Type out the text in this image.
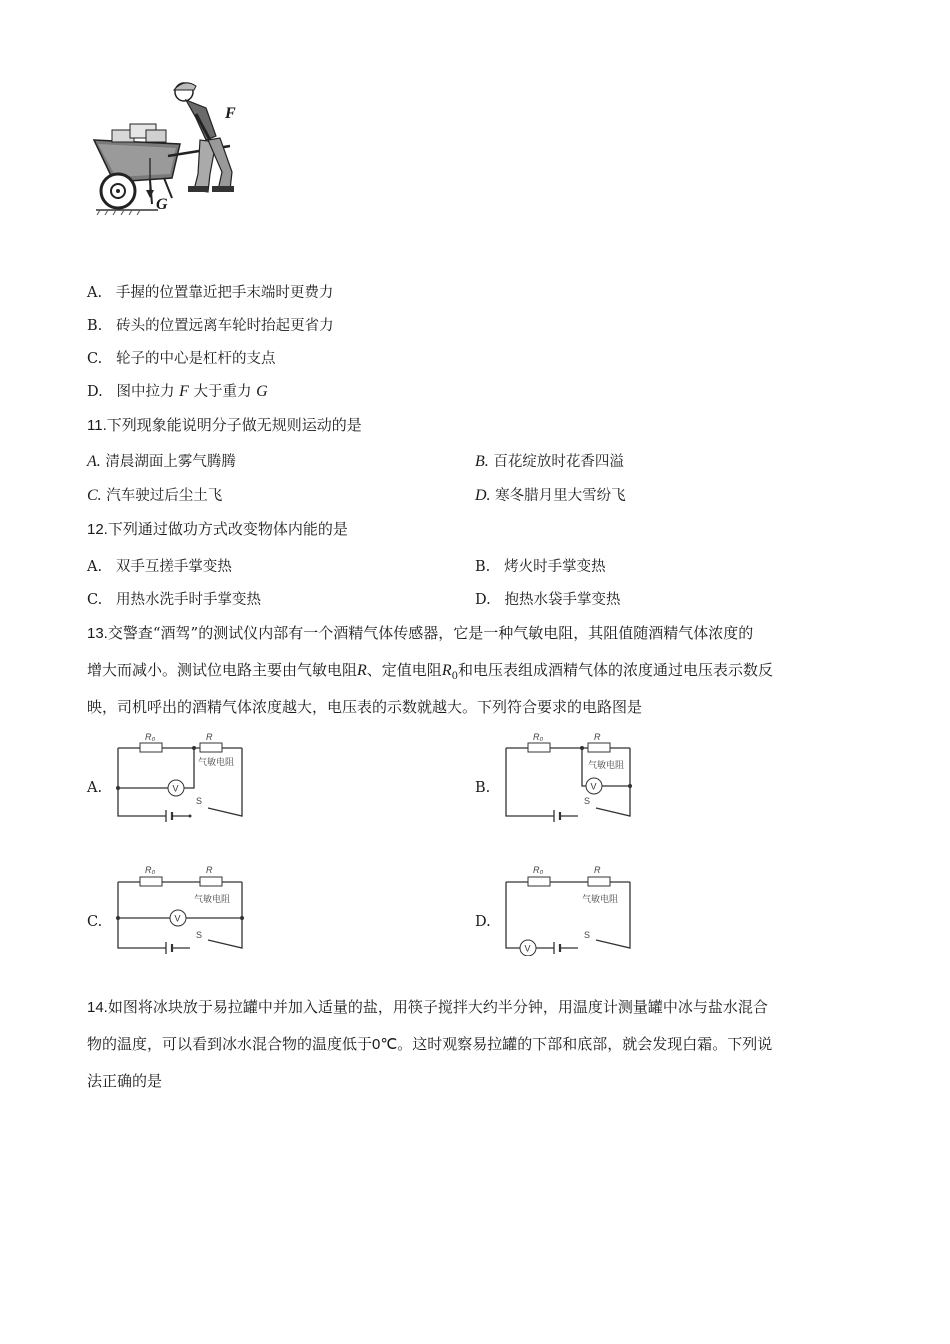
F
G
A. 手握的位置靠近把手末端时更费力
B. 砖头的位置远离车轮时抬起更省力
C. 轮子的中心是杠杆的支点
D. 图中拉力 F 大于重力 G
11.下列现象能说明分子做无规则运动的是
A. 清晨湖面上雾气腾腾	B. 百花绽放时花香四溢
C. 汽车驶过后尘土飞	D. 寒冬腊月里大雪纷飞
12.下列通过做功方式改变物体内能的是
A. 双手互搓手掌变热	B. 烤火时手掌变热
C. 用热水洗手时手掌变热	D. 抱热水袋手掌变热
13.交警查“酒驾”的测试仪内部有一个酒精气体传感器，它是一种气敏电阻，其阻值随酒精气体浓度的
增大而减小。测试位电路主要由气敏电阻R、定值电阻$R_0$和电压表组成酒精气体的浓度通过电压表示数反
映，司机呼出的酒精气体浓度越大，电压表的示数就越大。下列符合要求的电路图是
A.	B.
C.	D.
R₀	R
气敏电阻
V
S
R₀	R
气敏电阻
V
S
R₀	R
气敏电阻
V
S
R₀	R
气敏电阻
V
S
14.如图将冰块放于易拉罐中并加入适量的盐，用筷子搅拌大约半分钟，用温度计测量罐中冰与盐水混合
物的温度，可以看到冰水混合物的温度低于0℃。这时观察易拉罐的下部和底部，就会发现白霜。下列说
法正确的是
